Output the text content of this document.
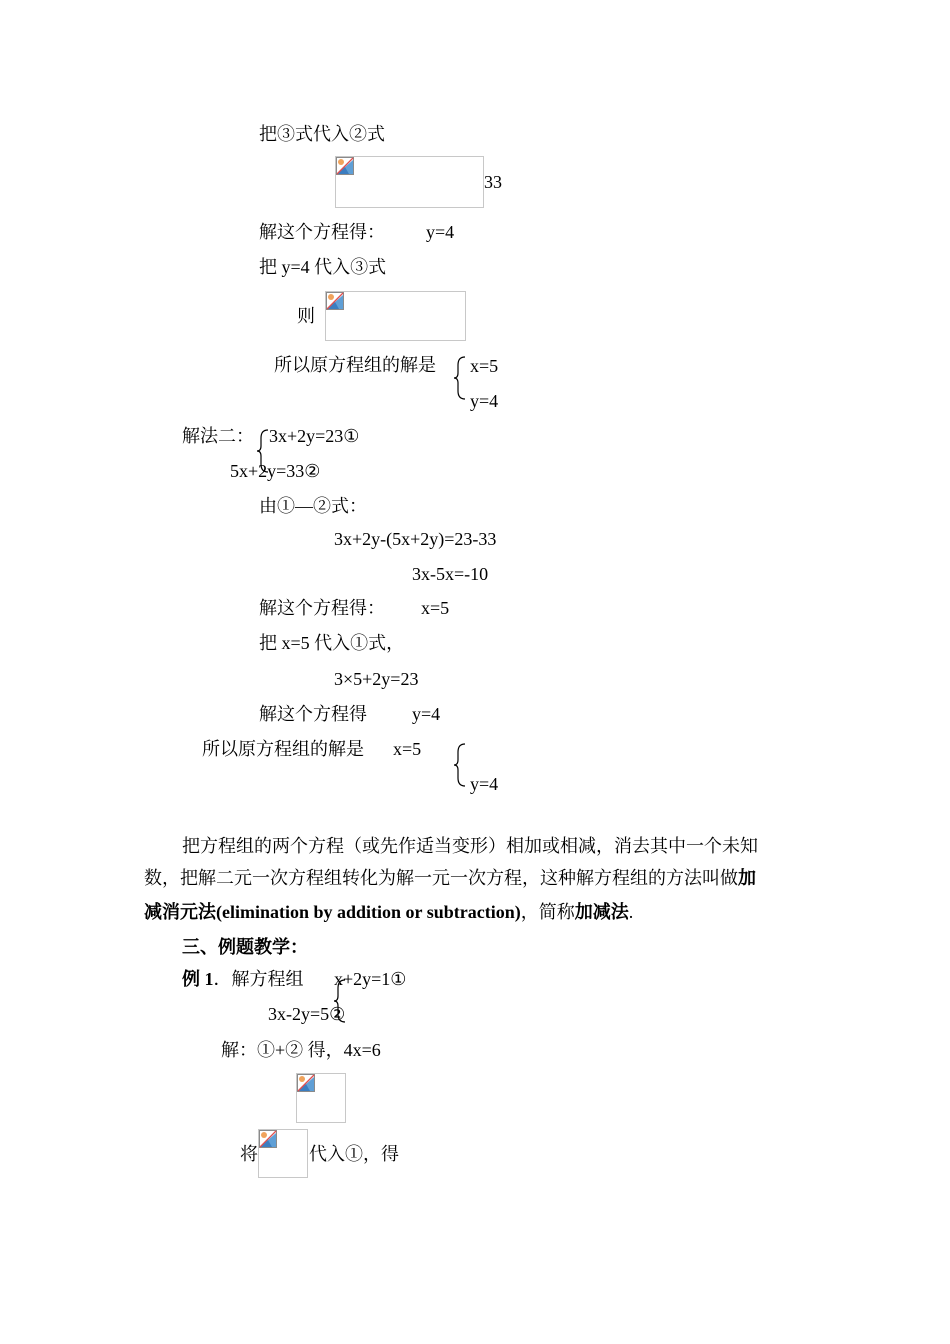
把③式代入②式
33
解这个方程得： y=4
把 y=4 代入③式
则
所以原方程组的解是 x=5
y=4
解法二： 3x+2y=23①
5x+2y=33②
由①—②式：
3x+2y-(5x+2y)=23-33
3x-5x=-10
解这个方程得： x=5
把 x=5 代入①式，
3×5+2y=23
解这个方程得	y=4
所以原方程组的解是 x=5
y=4
把方程组的两个方程（或先作适当变形）相加或相减，消去其中一个未知
数，把解二元一次方程组转化为解一元一次方程，这种解方程组的方法叫做加
减消元法(elimination by addition or subtraction)，简称加减法.
三、例题教学：
例 1．解方程组 x+2y=1①
3x-2y=5②
解：①+② 得，4x=6
将	代入①，得
